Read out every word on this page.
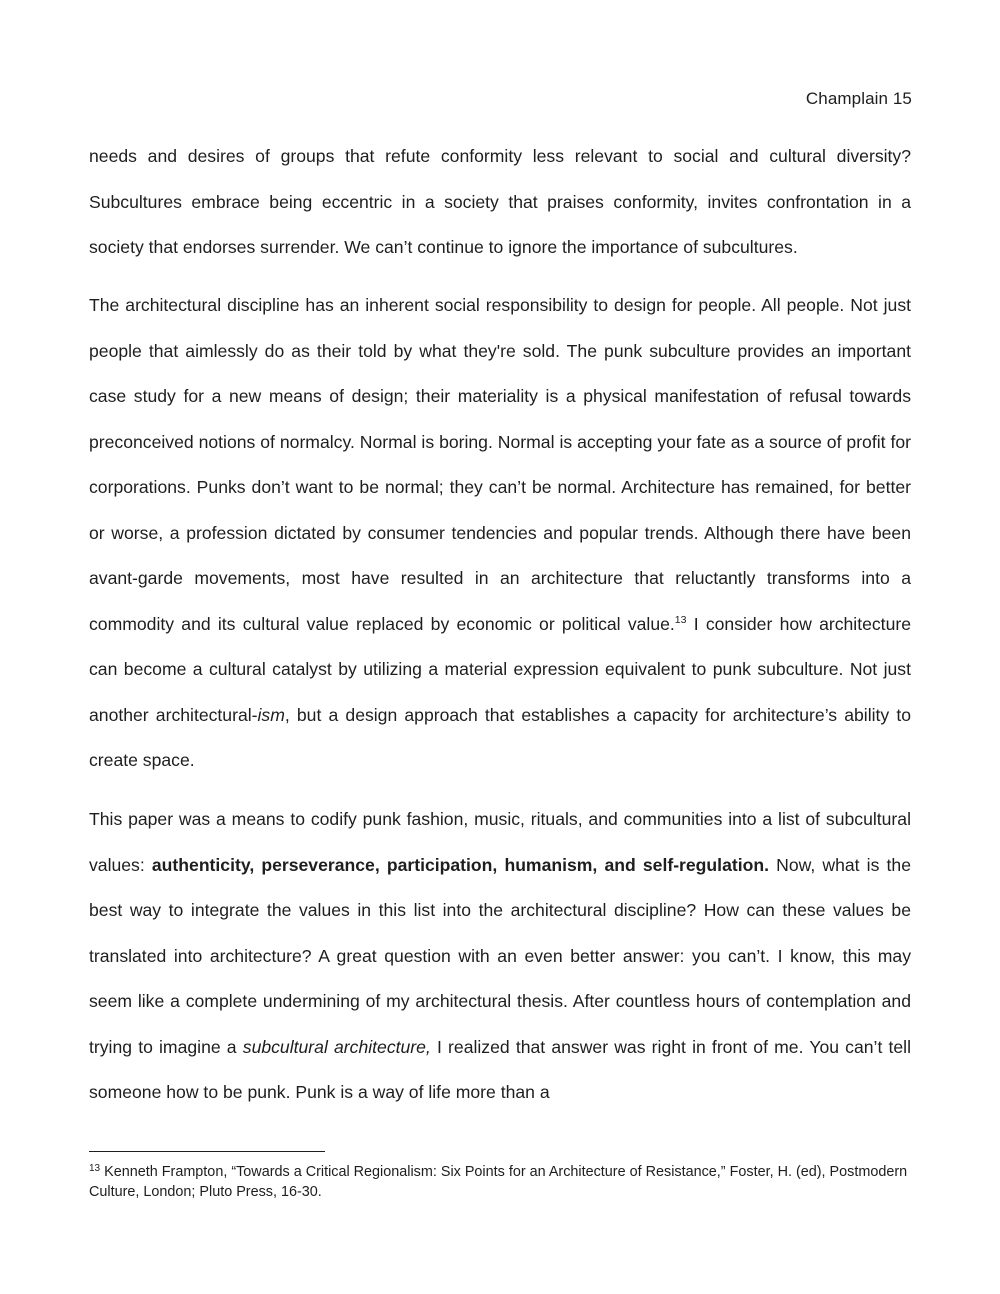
Champlain 15

needs and desires of groups that refute conformity less relevant to social and cultural diversity? Subcultures embrace being eccentric in a society that praises conformity, invites confrontation in a society that endorses surrender. We can’t continue to ignore the importance of subcultures.

The architectural discipline has an inherent social responsibility to design for people. All people. Not just people that aimlessly do as their told by what they're sold. The punk subculture provides an important case study for a new means of design; their materiality is a physical manifestation of refusal towards preconceived notions of normalcy. Normal is boring. Normal is accepting your fate as a source of profit for corporations. Punks don’t want to be normal; they can’t be normal. Architecture has remained, for better or worse, a profession dictated by consumer tendencies and popular trends. Although there have been avant-garde movements, most have resulted in an architecture that reluctantly transforms into a commodity and its cultural value replaced by economic or political value.$^{13}$ I consider how architecture can become a cultural catalyst by utilizing a material expression equivalent to punk subculture. Not just another architectural-ism, but a design approach that establishes a capacity for architecture’s ability to create space.

This paper was a means to codify punk fashion, music, rituals, and communities into a list of subcultural values: authenticity, perseverance, participation, humanism, and self-regulation. Now, what is the best way to integrate the values in this list into the architectural discipline? How can these values be translated into architecture? A great question with an even better answer: you can’t. I know, this may seem like a complete undermining of my architectural thesis. After countless hours of contemplation and trying to imagine a subcultural architecture, I realized that answer was right in front of me. You can’t tell someone how to be punk. Punk is a way of life more than a

$^{13}$ Kenneth Frampton, “Towards a Critical Regionalism: Six Points for an Architecture of Resistance,” Foster, H. (ed), Postmodern Culture, London; Pluto Press, 16-30.
